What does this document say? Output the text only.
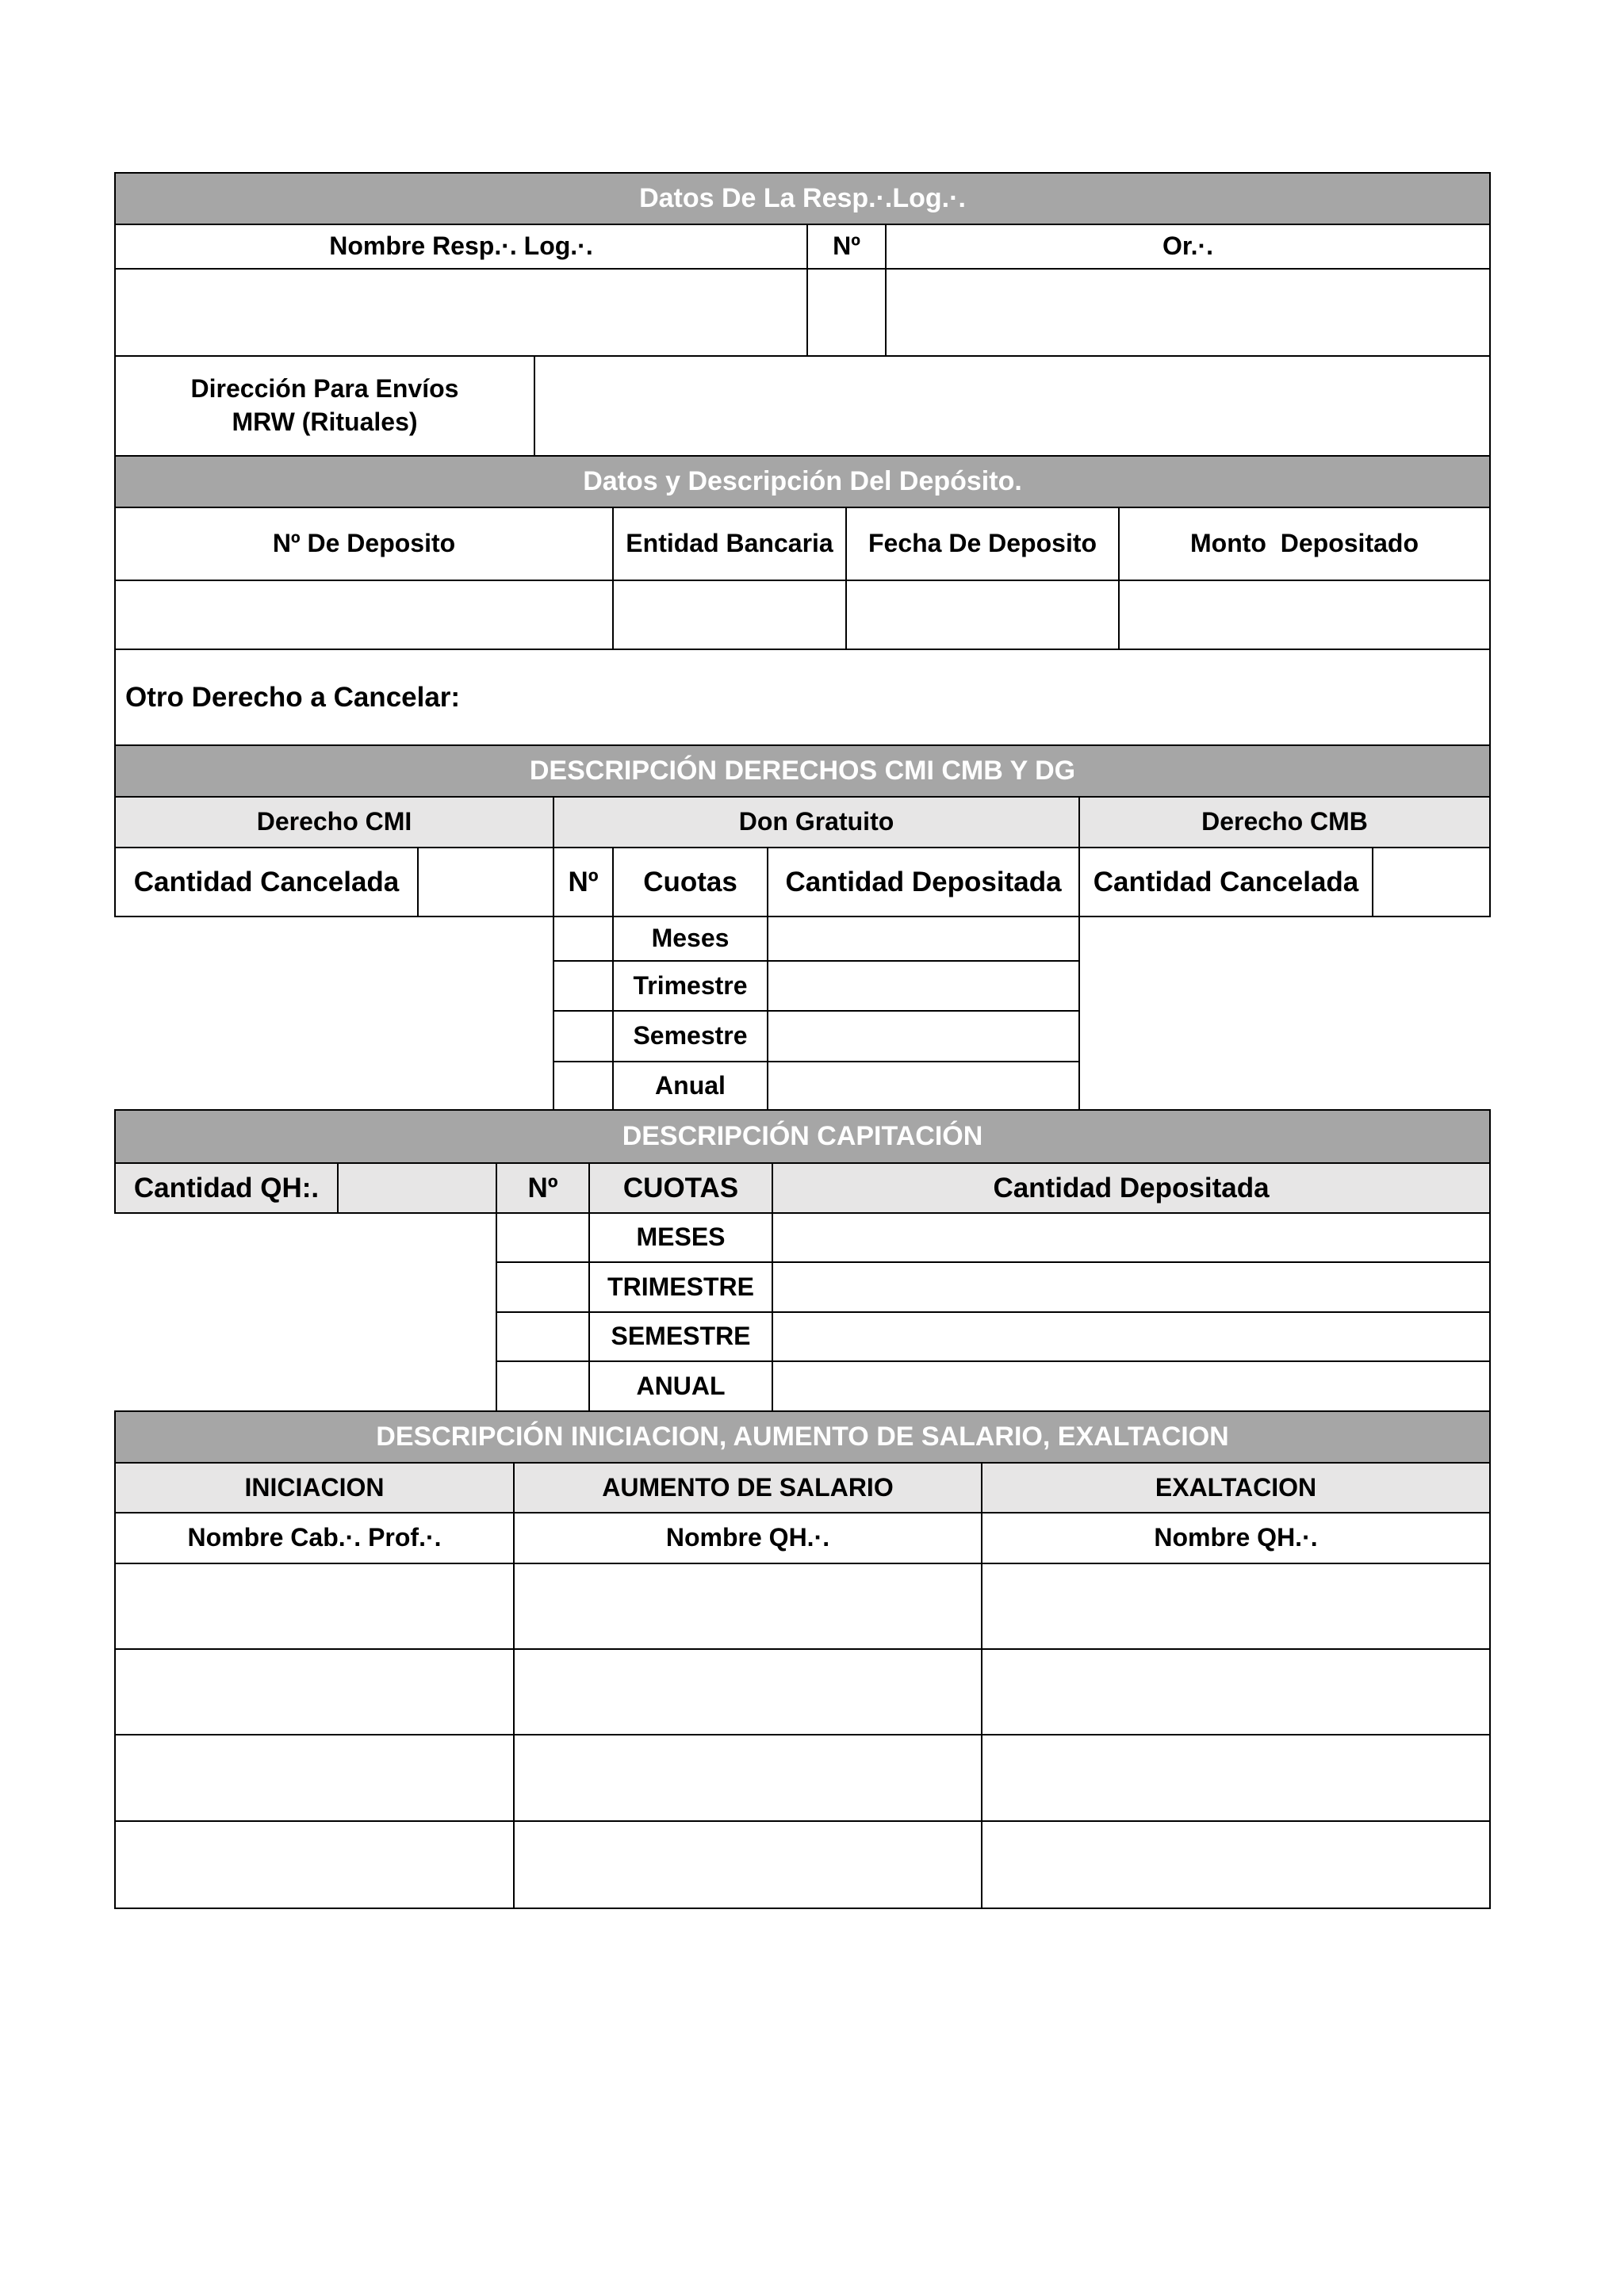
Datos De La Resp.·.Log.·.
Nombre Resp.·. Log.·.	Nº	Or.·.
Dirección Para Envíos
MRW (Rituales)
Datos y Descripción Del Depósito.
Nº De Deposito	Entidad Bancaria	Fecha De Deposito	Monto  Depositado
Otro Derecho a Cancelar:
DESCRIPCIÓN DERECHOS CMI CMB Y DG
Derecho CMI	Don Gratuito	Derecho CMB
Cantidad Cancelada	Nº	Cuotas	Cantidad Depositada	Cantidad Cancelada
Meses
Trimestre
Semestre
Anual
DESCRIPCIÓN CAPITACIÓN
Cantidad QH:.	Nº	CUOTAS	Cantidad Depositada
MESES
TRIMESTRE
SEMESTRE
ANUAL
DESCRIPCIÓN INICIACION, AUMENTO DE SALARIO, EXALTACION
INICIACION	AUMENTO DE SALARIO	EXALTACION
Nombre Cab.·. Prof.·.	Nombre QH.·.	Nombre QH.·.
